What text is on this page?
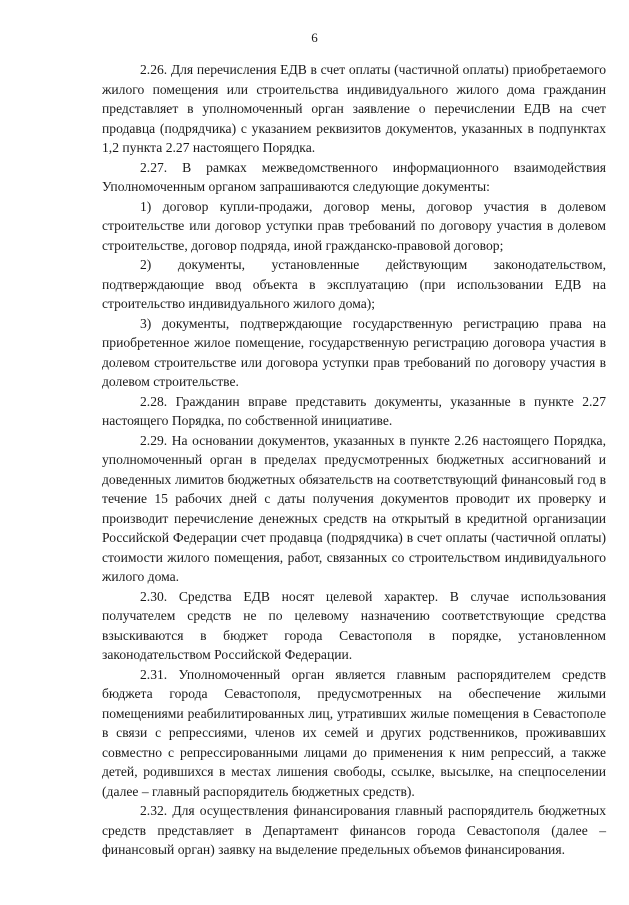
6

2.26. Для перечисления ЕДВ в счет оплаты (частичной оплаты) приобретаемого жилого помещения или строительства индивидуального жилого дома гражданин представляет в уполномоченный орган заявление о перечислении ЕДВ на счет продавца (подрядчика) с указанием реквизитов документов, указанных в подпунктах 1,2 пункта 2.27 настоящего Порядка.

2.27. В рамках межведомственного информационного взаимодействия Уполномоченным органом запрашиваются следующие документы:

1) договор купли-продажи, договор мены, договор участия в долевом строительстве или договор уступки прав требований по договору участия в долевом строительстве, договор подряда, иной гражданско-правовой договор;

2) документы, установленные действующим законодательством, подтверждающие ввод объекта в эксплуатацию (при использовании ЕДВ на строительство индивидуального жилого дома);

3) документы, подтверждающие государственную регистрацию права на приобретенное жилое помещение, государственную регистрацию договора участия в долевом строительстве или договора уступки прав требований по договору участия в долевом строительстве.

2.28. Гражданин вправе представить документы, указанные в пункте 2.27 настоящего Порядка, по собственной инициативе.

2.29. На основании документов, указанных в пункте 2.26 настоящего Порядка, уполномоченный орган в пределах предусмотренных бюджетных ассигнований и доведенных лимитов бюджетных обязательств на соответствующий финансовый год в течение 15 рабочих дней с даты получения документов проводит их проверку и производит перечисление денежных средств на открытый в кредитной организации Российской Федерации счет продавца (подрядчика) в счет оплаты (частичной оплаты) стоимости жилого помещения, работ, связанных со строительством индивидуального жилого дома.

2.30. Средства ЕДВ носят целевой характер. В случае использования получателем средств не по целевому назначению соответствующие средства взыскиваются в бюджет города Севастополя в порядке, установленном законодательством Российской Федерации.

2.31. Уполномоченный орган является главным распорядителем средств бюджета города Севастополя, предусмотренных на обеспечение жилыми помещениями реабилитированных лиц, утративших жилые помещения в Севастополе в связи с репрессиями, членов их семей и других родственников, проживавших совместно с репрессированными лицами до применения к ним репрессий, а также детей, родившихся в местах лишения свободы, ссылке, высылке, на спецпоселении (далее – главный распорядитель бюджетных средств).

2.32. Для осуществления финансирования главный распорядитель бюджетных средств представляет в Департамент финансов города Севастополя (далее – финансовый орган) заявку на выделение предельных объемов финансирования.
